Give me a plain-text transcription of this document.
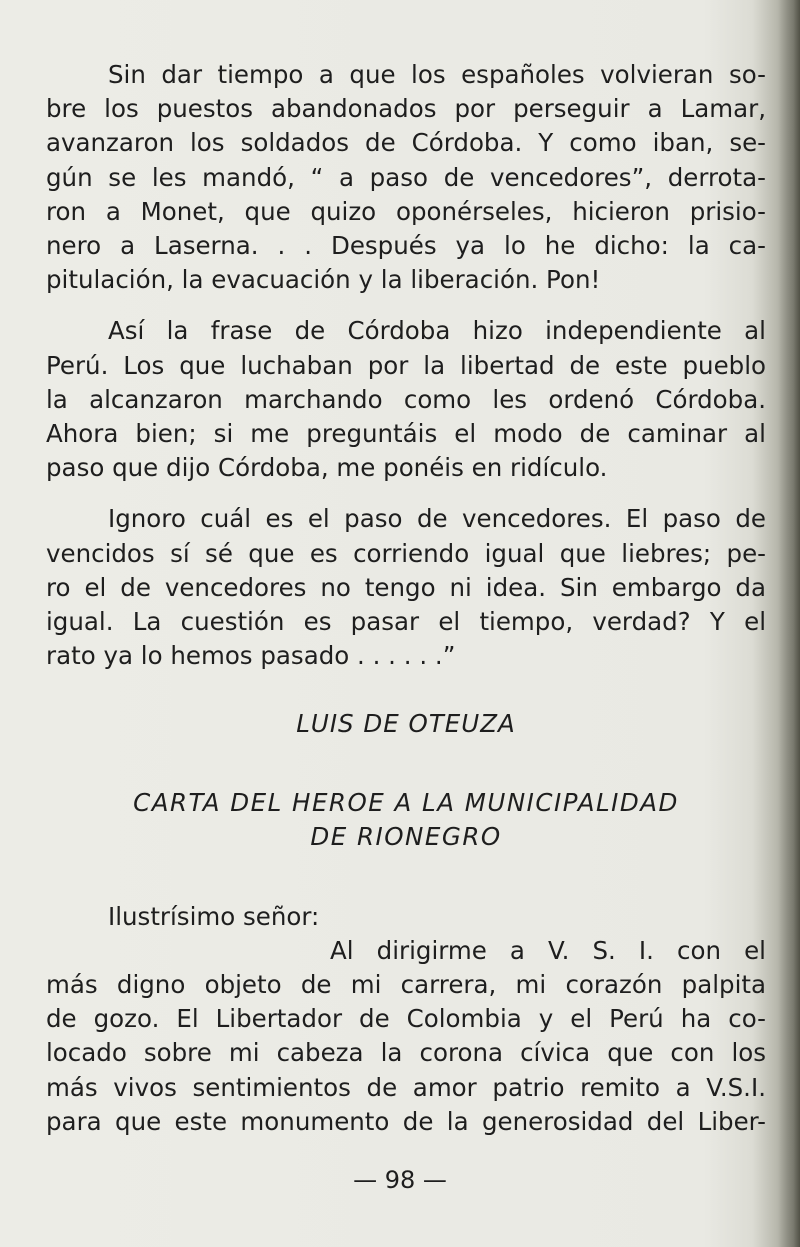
Sin dar tiempo a que los españoles volvieran so-
bre los puestos abandonados por perseguir a Lamar,
avanzaron los soldados de Córdoba. Y como iban, se-
gún se les mandó, “ a paso de vencedores”, derrota-
ron a Monet, que quizo oponérseles, hicieron prisio-
nero a Laserna. . . Después ya lo he dicho: la ca-
pitulación, la evacuación y la liberación. Pon!
Así la frase de Córdoba hizo independiente al
Perú. Los que luchaban por la libertad de este pueblo
la alcanzaron marchando como les ordenó Córdoba.
Ahora bien; si me preguntáis el modo de caminar al
paso que dijo Córdoba, me ponéis en ridículo.
Ignoro cuál es el paso de vencedores. El paso de
vencidos sí sé que es corriendo igual que liebres; pe-
ro el de vencedores no tengo ni idea. Sin embargo da
igual. La cuestión es pasar el tiempo, verdad? Y el
rato ya lo hemos pasado . . . . . .”
LUIS DE OTEUZA
CARTA DEL HEROE A LA MUNICIPALIDAD
DE RIONEGRO
Ilustrísimo señor:
Al dirigirme a V. S. I. con el
más digno objeto de mi carrera, mi corazón palpita
de gozo. El Libertador de Colombia y el Perú ha co-
locado sobre mi cabeza la corona cívica que con los
más vivos sentimientos de amor patrio remito a V.S.I.
para que este monumento de la generosidad del Liber-
— 98 —
